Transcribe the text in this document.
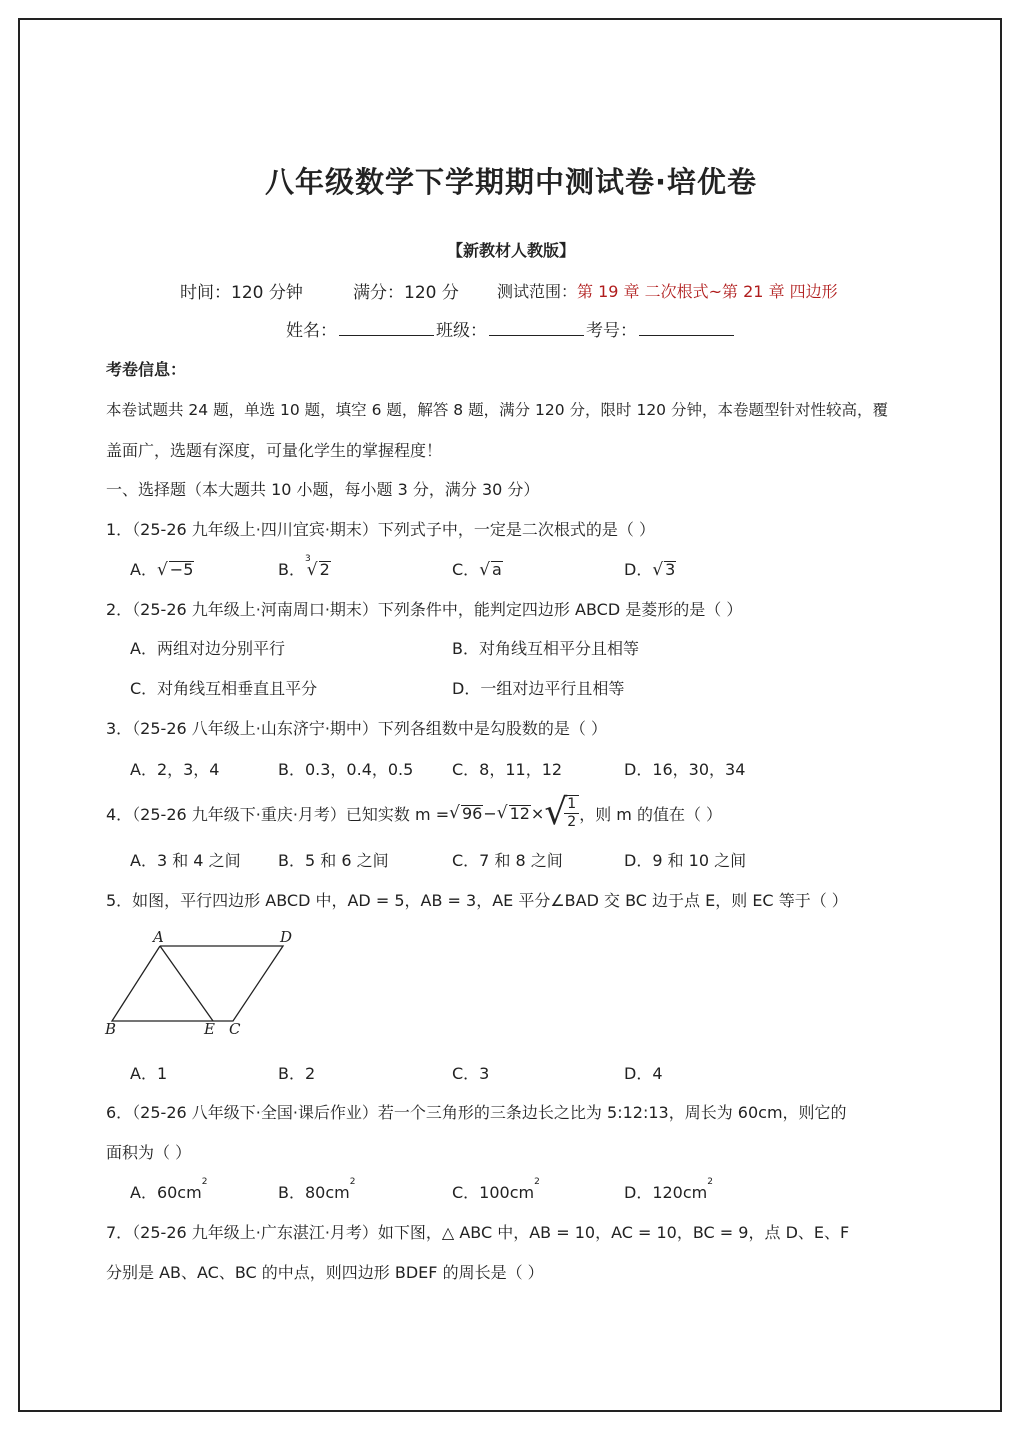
八年级数学下学期期中测试卷·培优卷
【新教材人教版】
时间：120 分钟	满分：120 分 测试范围：第 19 章 二次根式~第 21 章 四边形
姓名：	班级：	考号：
考卷信息：
本卷试题共 24 题，单选 10 题，填空 6 题，解答 8 题，满分 120 分，限时 120 分钟，本卷题型针对性较高，覆
盖面广，选题有深度，可量化学生的掌握程度！
一、选择题（本大题共 10 小题，每小题 3 分，满分 30 分）
1．（25-26 九年级上·四川宜宾·期末）下列式子中，一定是二次根式的是（ ）
A．√ −5	B．$^3$√ 2	C．√ a	D．√ 3
2．（25-26 九年级上·河南周口·期末）下列条件中，能判定四边形 ABCD 是菱形的是（ ）
A．两组对边分别平行	B．对角线互相平分且相等
C．对角线互相垂直且平分	D．一组对边平行且相等
3．（25-26 八年级上·山东济宁·期中）下列各组数中是勾股数的是（ ）
A．2，3，4	B．0.3，0.4，0.5 C．8，11，12	D．16，30，34
4．（25-26 九年级下·重庆·月考）已知实数 m = √ 96 − √ 12 × √
$\frac{1}{2}$ ，则 m 的值在（ ）
A．3 和 4 之间 B．5 和 6 之间	C．7 和 8 之间	D．9 和 10 之间
5．如图，平行四边形 ABCD 中，AD = 5，AB = 3，AE 平分∠BAD 交 BC 边于点 E，则 EC 等于（ ）
A	D
B	E C
A．1	B．2	C．3	D．4
6．（25-26 八年级下·全国·课后作业）若一个三角形的三条边长之比为 5:12:13，周长为 60cm，则它的
面积为（ ）
A．$60cm^2$
B．$80cm^2$
C．$100cm^2$
D．$120cm^2$
7．（25-26 九年级上·广东湛江·月考）如下图，△ ABC 中，AB = 10，AC = 10，BC = 9，点 D、E、F
分别是 AB、AC、BC 的中点，则四边形 BDEF 的周长是（ ）
